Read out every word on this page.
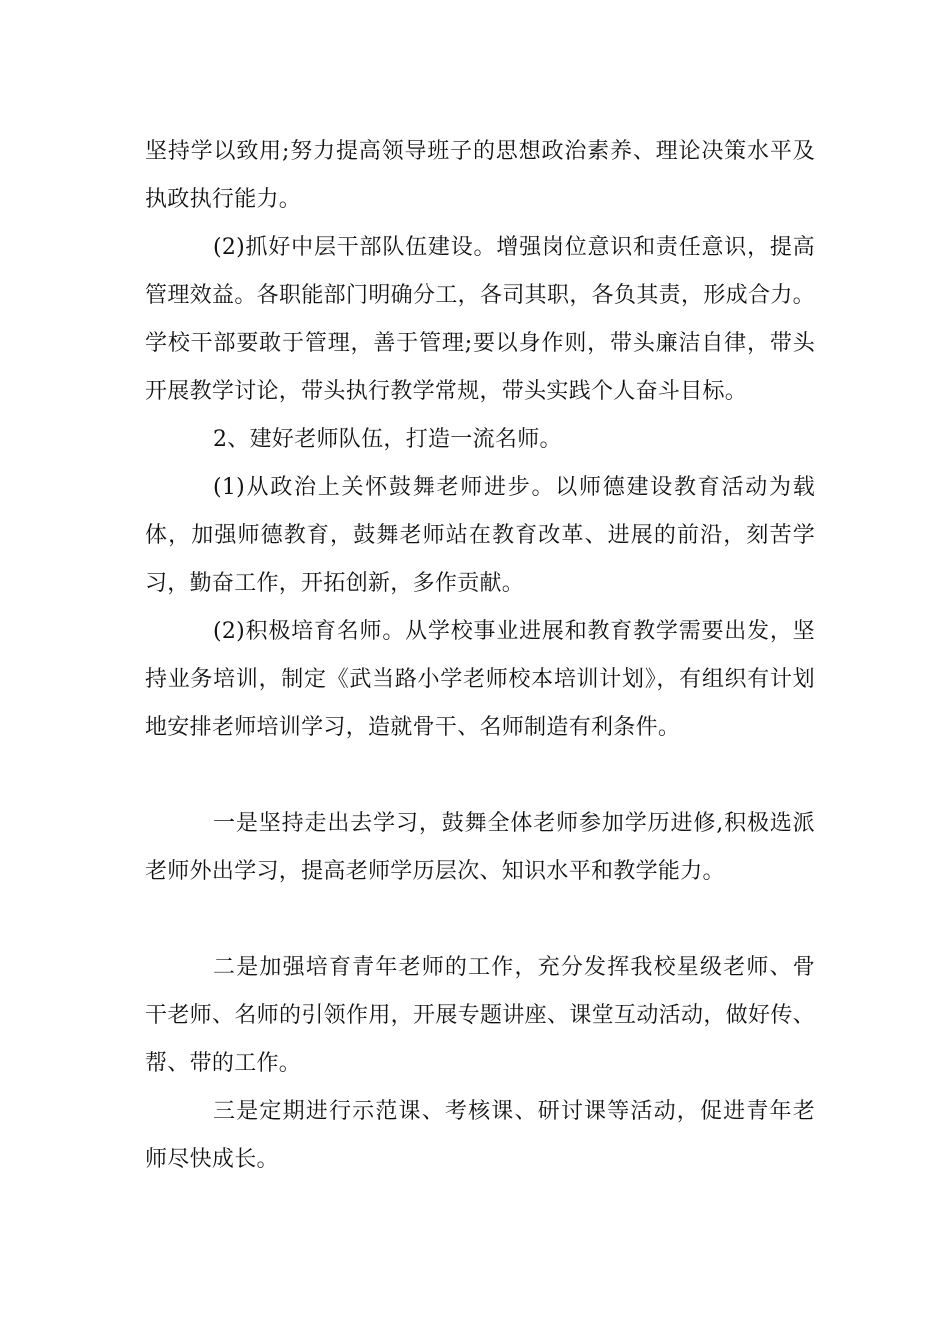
坚持学以致用;努力提高领导班子的思想政治素养、理论决策水平及执政执行能力。

(2)抓好中层干部队伍建设。增强岗位意识和责任意识，提高管理效益。各职能部门明确分工，各司其职，各负其责，形成合力。学校干部要敢于管理，善于管理;要以身作则，带头廉洁自律，带头开展教学讨论，带头执行教学常规，带头实践个人奋斗目标。

2、建好老师队伍，打造一流名师。

(1)从政治上关怀鼓舞老师进步。以师德建设教育活动为载体，加强师德教育，鼓舞老师站在教育改革、进展的前沿，刻苦学习，勤奋工作，开拓创新，多作贡献。

(2)积极培育名师。从学校事业进展和教育教学需要出发，坚持业务培训，制定《武当路小学老师校本培训计划》，有组织有计划地安排老师培训学习，造就骨干、名师制造有利条件。

一是坚持走出去学习，鼓舞全体老师参加学历进修,积极选派老师外出学习，提高老师学历层次、知识水平和教学能力。

二是加强培育青年老师的工作，充分发挥我校星级老师、骨干老师、名师的引领作用，开展专题讲座、课堂互动活动，做好传、帮、带的工作。

三是定期进行示范课、考核课、研讨课等活动，促进青年老师尽快成长。
